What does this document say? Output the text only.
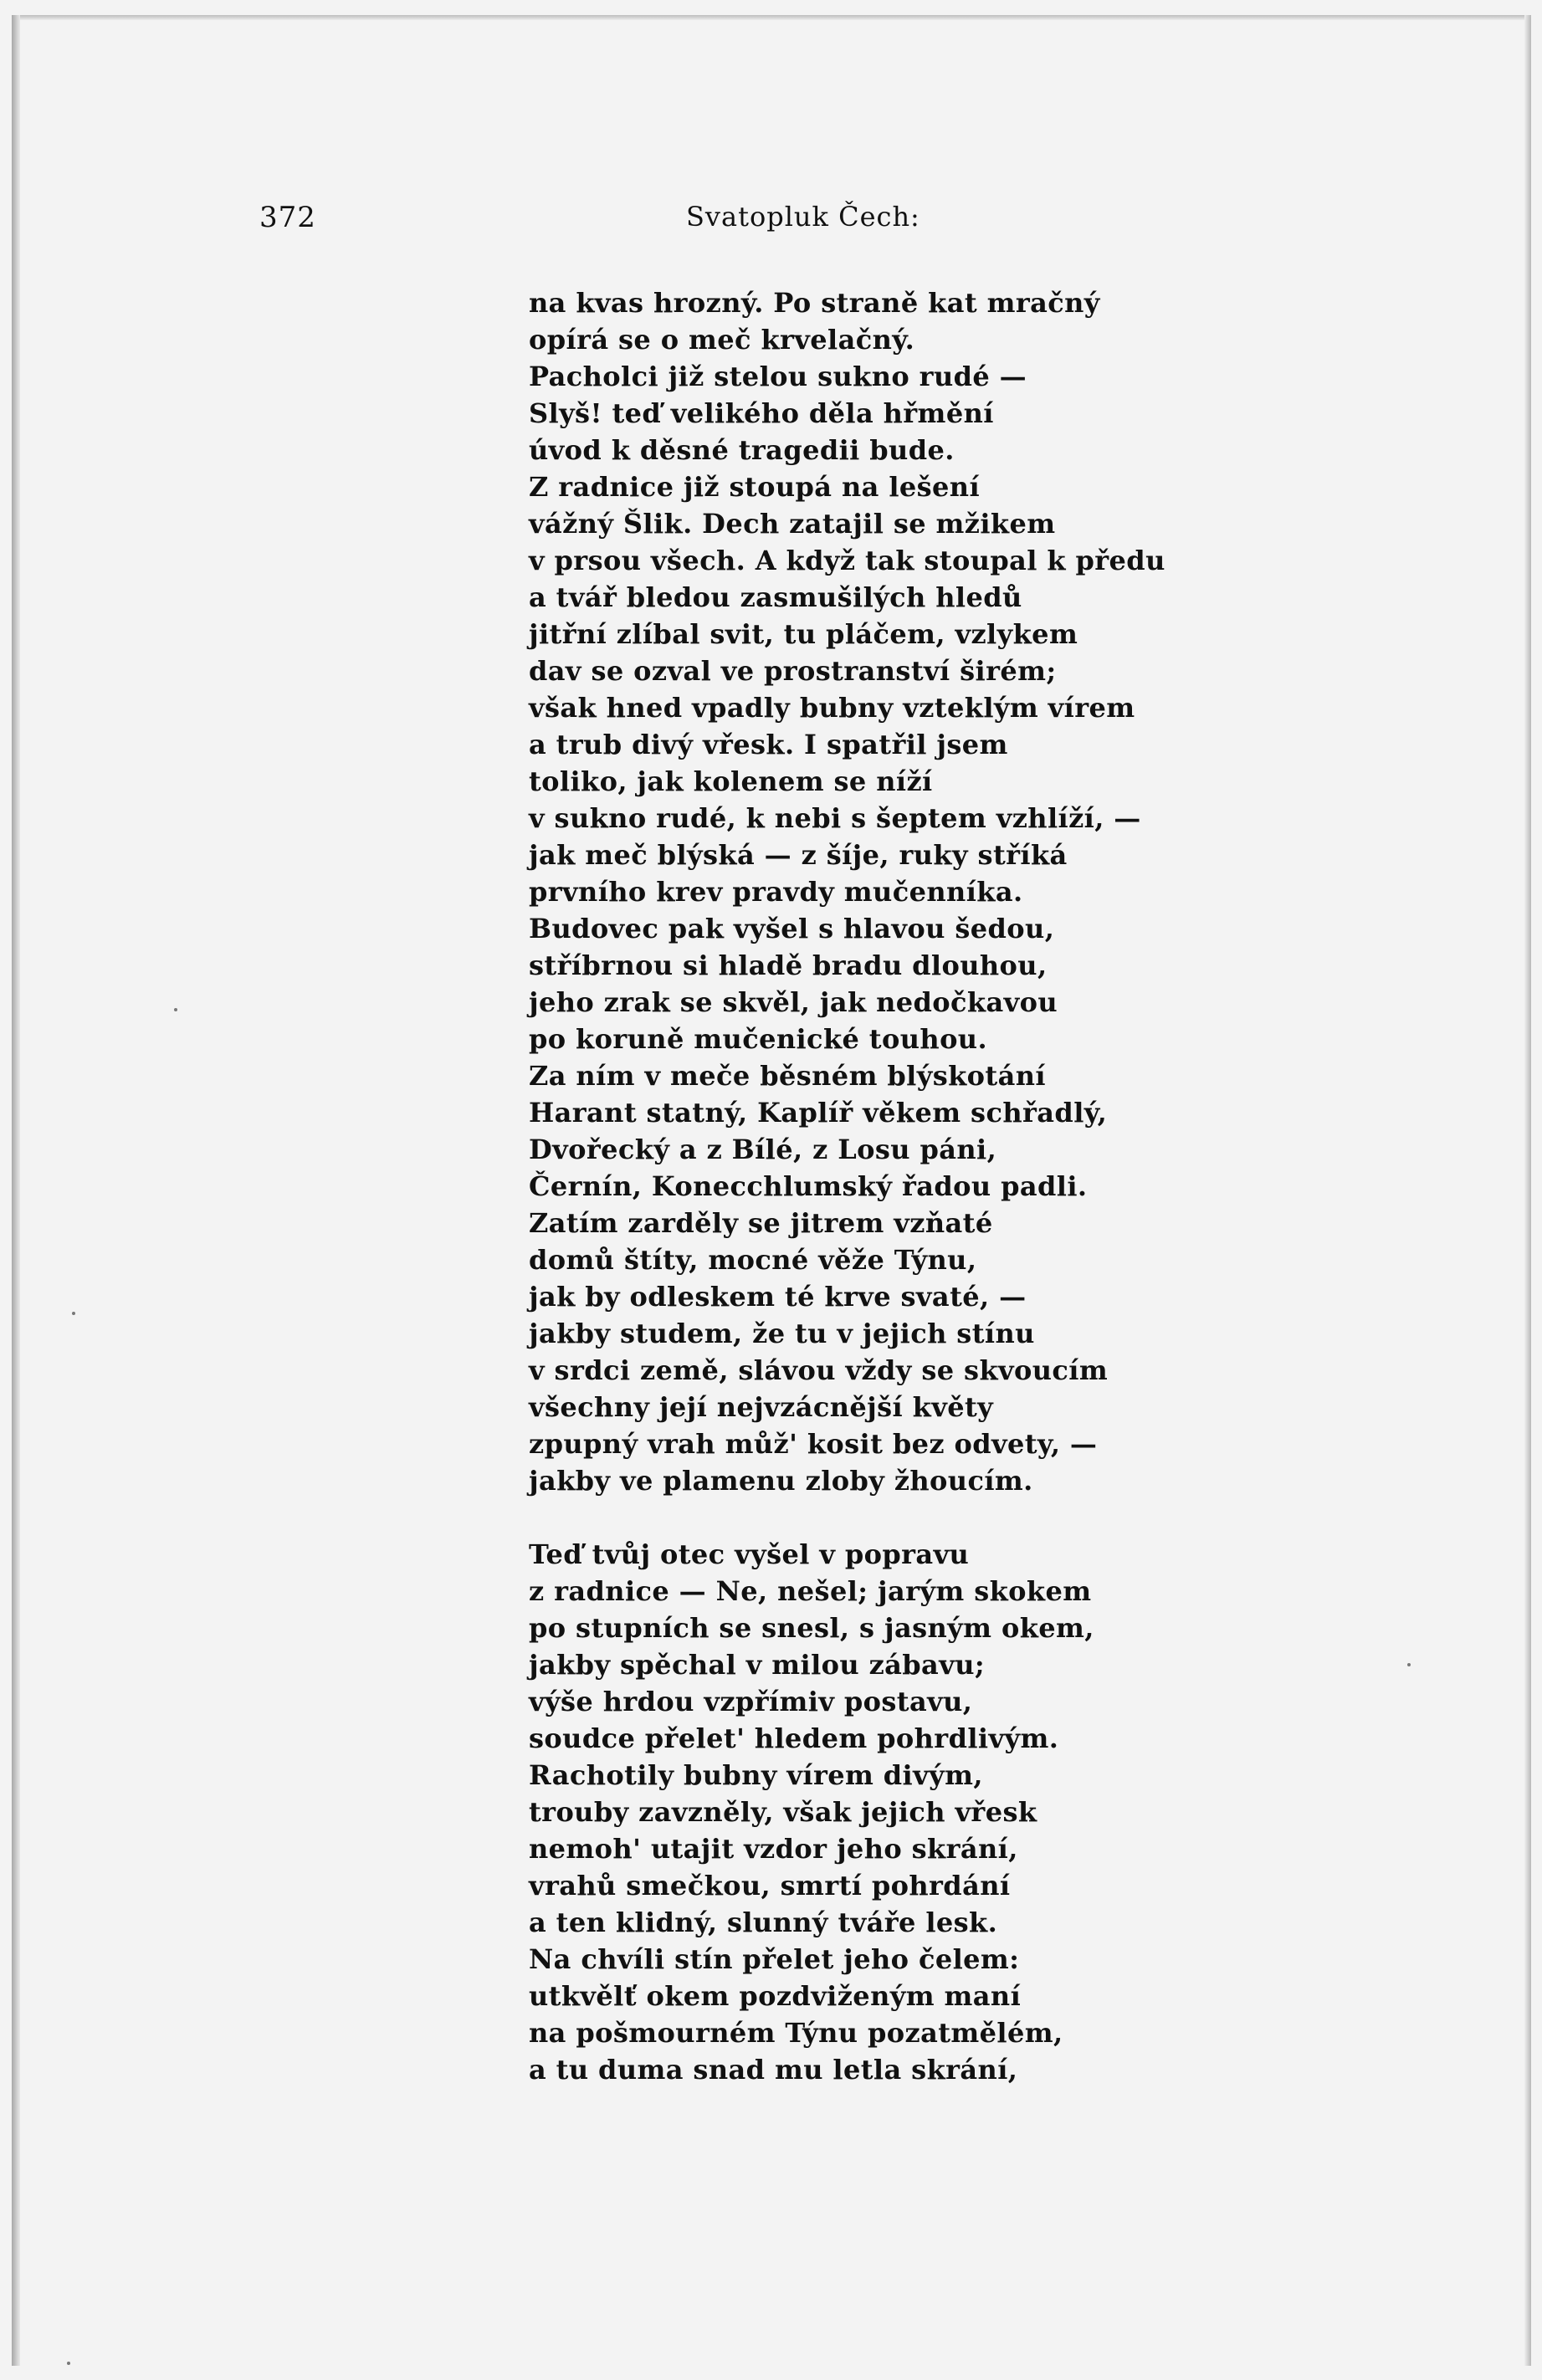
372	Svatopluk Čech:
na kvas hrozný. Po straně kat mračný
opírá se o meč krvelačný.
Pacholci již stelou sukno rudé —
Slyš! teď velikého děla hřmění
úvod k děsné tragedii bude.
Z radnice již stoupá na lešení
vážný Šlik. Dech zatajil se mžikem
v prsou všech. A když tak stoupal k předu
a tvář bledou zasmušilých hledů
jitřní zlíbal svit, tu pláčem, vzlykem
dav se ozval ve prostranství širém;
však hned vpadly bubny vzteklým vírem
a trub divý vřesk. I spatřil jsem
toliko, jak kolenem se níží
v sukno rudé, k nebi s šeptem vzhlíží, —
jak meč blýská — z šíje, ruky stříká
prvního krev pravdy mučenníka.
Budovec pak vyšel s hlavou šedou,
stříbrnou si hladě bradu dlouhou,
jeho zrak se skvěl, jak nedočkavou
po koruně mučenické touhou.
Za ním v meče běsném blýskotání
Harant statný, Kaplíř věkem schřadlý,
Dvořecký a z Bílé, z Losu páni,
Černín, Konecchlumský řadou padli.
Zatím zarděly se jitrem vzňaté
domů štíty, mocné věže Týnu,
jak by odleskem té krve svaté, —
jakby studem, že tu v jejich stínu
v srdci země, slávou vždy se skvoucím
všechny její nejvzácnější květy
zpupný vrah můž' kosit bez odvety, —
jakby ve plamenu zloby žhoucím.
Teď tvůj otec vyšel v popravu
z radnice — Ne, nešel; jarým skokem
po stupních se snesl, s jasným okem,
jakby spěchal v milou zábavu;
výše hrdou vzpřímiv postavu,
soudce přelet' hledem pohrdlivým.
Rachotily bubny vírem divým,
trouby zavzněly, však jejich vřesk
nemoh' utajit vzdor jeho skrání,
vrahů smečkou, smrtí pohrdání
a ten klidný, slunný tváře lesk.
Na chvíli stín přelet jeho čelem:
utkvělť okem pozdviženým maní
na pošmourném Týnu pozatmělém,
a tu duma snad mu letla skrání,
